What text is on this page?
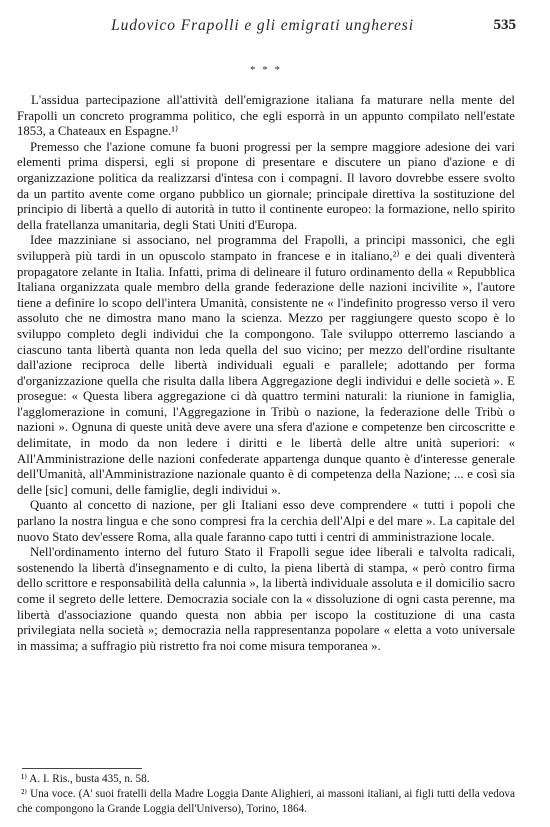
Ludovico Frapolli e gli emigrati ungheresi	535
* * *

L'assidua partecipazione all'attività dell'emigrazione italiana fa maturare nella mente del Frapolli un concreto programma politico, che egli esporrà in un appunto compilato nell'estate 1853, a Chateaux en Espagne.¹⁾

Premesso che l'azione comune fa buoni progressi per la sempre maggiore adesione dei vari elementi prima dispersi, egli si propone di presentare e discutere un piano d'azione e di organizzazione politica da realizzarsi d'intesa con i compagni. Il lavoro dovrebbe essere svolto da un partito avente come organo pubblico un giornale; principale direttiva la sostituzione del principio di libertà a quello di autorità in tutto il continente europeo: la formazione, nello spirito della fratellanza umanitaria, degli Stati Uniti d'Europa.

Idee mazziniane si associano, nel programma del Frapolli, a principi massonici, che egli svilupperà più tardi in un opuscolo stampato in francese e in italiano,²⁾ e dei quali diventerà propagatore zelante in Italia. Infatti, prima di delineare il futuro ordinamento della « Repubblica Italiana organizzata quale membro della grande federazione delle nazioni incivilite », l'autore tiene a definire lo scopo dell'intera Umanità, consistente ne « l'indefinito progresso verso il vero assoluto che ne dimostra mano mano la scienza. Mezzo per raggiungere questo scopo è lo sviluppo completo degli individui che la compongono. Tale sviluppo otterremo lasciando a ciascuno tanta libertà quanta non leda quella del suo vicino; per mezzo dell'ordine risultante dall'azione reciproca delle libertà individuali eguali e parallele; adottando per forma d'organizzazione quella che risulta dalla libera Aggregazione degli individui e delle società ». E prosegue: « Questa libera aggregazione ci dà quattro termini naturali: la riunione in famiglia, l'agglomerazione in comuni, l'Aggregazione in Tribù o nazione, la federazione delle Tribù o nazioni ». Ognuna di queste unità deve avere una sfera d'azione e competenze ben circoscritte e delimitate, in modo da non ledere i diritti e le libertà delle altre unità superiori: « All'Amministrazione delle nazioni confederate appartenga dunque quanto è d'interesse generale dell'Umanità, all'Amministrazione nazionale quanto è di competenza della Nazione; ... e così sia delle [sic] comuni, delle famiglie, degli individui ».

Quanto al concetto di nazione, per gli Italiani esso deve comprendere « tutti i popoli che parlano la nostra lingua e che sono compresi fra la cerchia dell'Alpi e del mare ». La capitale del nuovo Stato dev'essere Roma, alla quale faranno capo tutti i centri di amministrazione locale.

Nell'ordinamento interno del futuro Stato il Frapolli segue idee liberali e talvolta radicali, sostenendo la libertà d'insegnamento e di culto, la piena libertà di stampa, « però contro firma dello scrittore e responsabilità della calunnia », la libertà individuale assoluta e il domicilio sacro come il segreto delle lettere. Democrazia sociale con la « dissoluzione di ogni casta perenne, ma libertà d'associazione quando questa non abbia per iscopo la costituzione di una casta privilegiata nella società »; democrazia nella rappresentanza popolare « eletta a voto universale in massima; a suffragio più ristretto fra noi come misura temporanea ».

¹⁾ A. I. Ris., busta 435, n. 58.

²⁾ Una voce. (A' suoi fratelli della Madre Loggia Dante Alighieri, ai massoni italiani, ai figli tutti della vedova che compongono la Grande Loggia dell'Universo), Torino, 1864.
